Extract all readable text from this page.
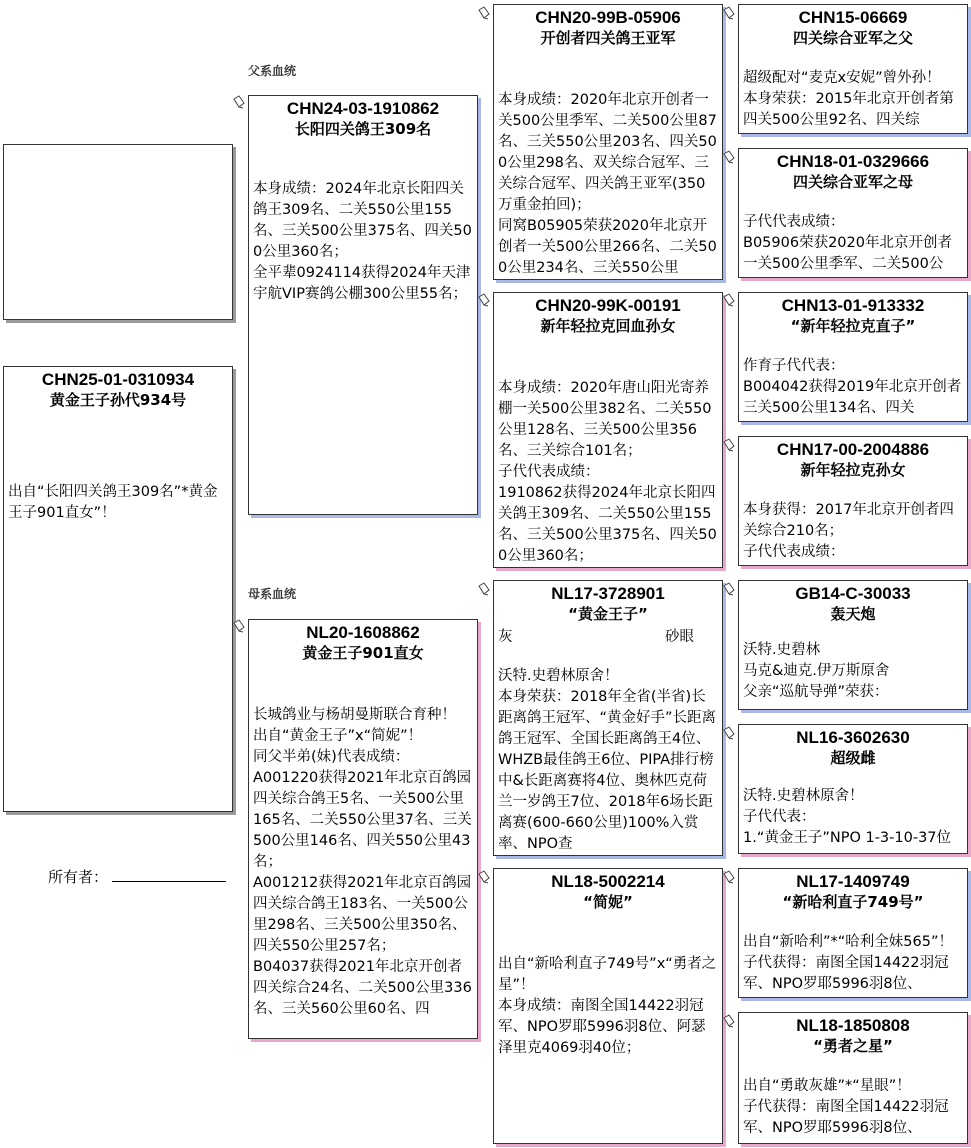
父系血统
母系血统
CHN25-01-0310934
黄金王子孙代934号
出自“长阳四关鸽王309名”*黄金王子901直女”！
所有者：
CHN24-03-1910862
长阳四关鸽王309名
本身成绩：2024年北京长阳四关鸽王309名、二关550公里155名、三关500公里375名、四关500公里360名；
全平辈0924114获得2024年天津宇航VIP赛鸽公棚300公里55名；
NL20-1608862
黄金王子901直女
长城鸽业与杨胡曼斯联合育种！
出自“黄金王子”x“简妮”！
同父半弟(妹)代表成绩：
A001220获得2021年北京百鸽园四关综合鸽王5名、一关500公里165名、二关550公里37名、三关500公里146名、四关550公里43名；
A001212获得2021年北京百鸽园四关综合鸽王183名、一关500公里298名、三关500公里350名、四关550公里257名；
B04037获得2021年北京开创者四关综合24名、二关500公里336名、三关560公里60名、四
CHN20-99B-05906
开创者四关鸽王亚军
本身成绩：2020年北京开创者一关500公里季军、二关500公里87名、三关550公里203名、四关500公里298名、双关综合冠军、三关综合冠军、四关鸽王亚军(350万重金拍回)；
同窝B05905荣获2020年北京开创者一关500公里266名、二关500公里234名、三关550公里
CHN20-99K-00191
新年轻拉克回血孙女
本身成绩：2020年唐山阳光寄养棚一关500公里382名、二关550公里128名、三关500公里356名、三关综合101名；
子代代表成绩：
1910862获得2024年北京长阳四关鸽王309名、二关550公里155名、三关500公里375名、四关500公里360名；
NL17-3728901
“黄金王子”
灰	砂眼
沃特.史碧林原舍！
本身荣获：2018年全省(半省)长距离鸽王冠军、“黄金好手”长距离鸽王冠军、全国长距离鸽王4位、WHZB最佳鸽王6位、PIPA排行榜中&长距离赛将4位、奥林匹克荷兰一岁鸽王7位、2018年6场长距离赛(600-660公里)100%入赏率、NPO查
NL18-5002214
“简妮”
出自“新哈利直子749号”x“勇者之星”！
本身成绩：南图全国14422羽冠军、NPO罗耶5996羽8位、阿瑟泽里克4069羽40位；
CHN15-06669
四关综合亚军之父
超级配对“麦克x安妮”曾外孙！
本身荣获：2015年北京开创者第四关500公里92名、四关综
CHN18-01-0329666
四关综合亚军之母
子代代表成绩：
B05906荣获2020年北京开创者一关500公里季军、二关500公
CHN13-01-913332
“新年轻拉克直子”
作育子代代表：
B004042获得2019年北京开创者三关500公里134名、四关
CHN17-00-2004886
新年轻拉克孙女
本身获得：2017年北京开创者四关综合210名；
子代代表成绩：
GB14-C-30033
轰天炮
沃特.史碧林
马克&迪克.伊万斯原舍
父亲“巡航导弹”荣获：
NL16-3602630
超级雌
沃特.史碧林原舍！
子代代表：
1.“黄金王子”NPO 1-3-10-37位
NL17-1409749
“新哈利直子749号”
出自“新哈利”*“哈利全妹565”！
子代获得：南图全国14422羽冠军、NPO罗耶5996羽8位、
NL18-1850808
“勇者之星”
出自“勇敢灰雄”*“星眼”！
子代获得：南图全国14422羽冠军、NPO罗耶5996羽8位、
